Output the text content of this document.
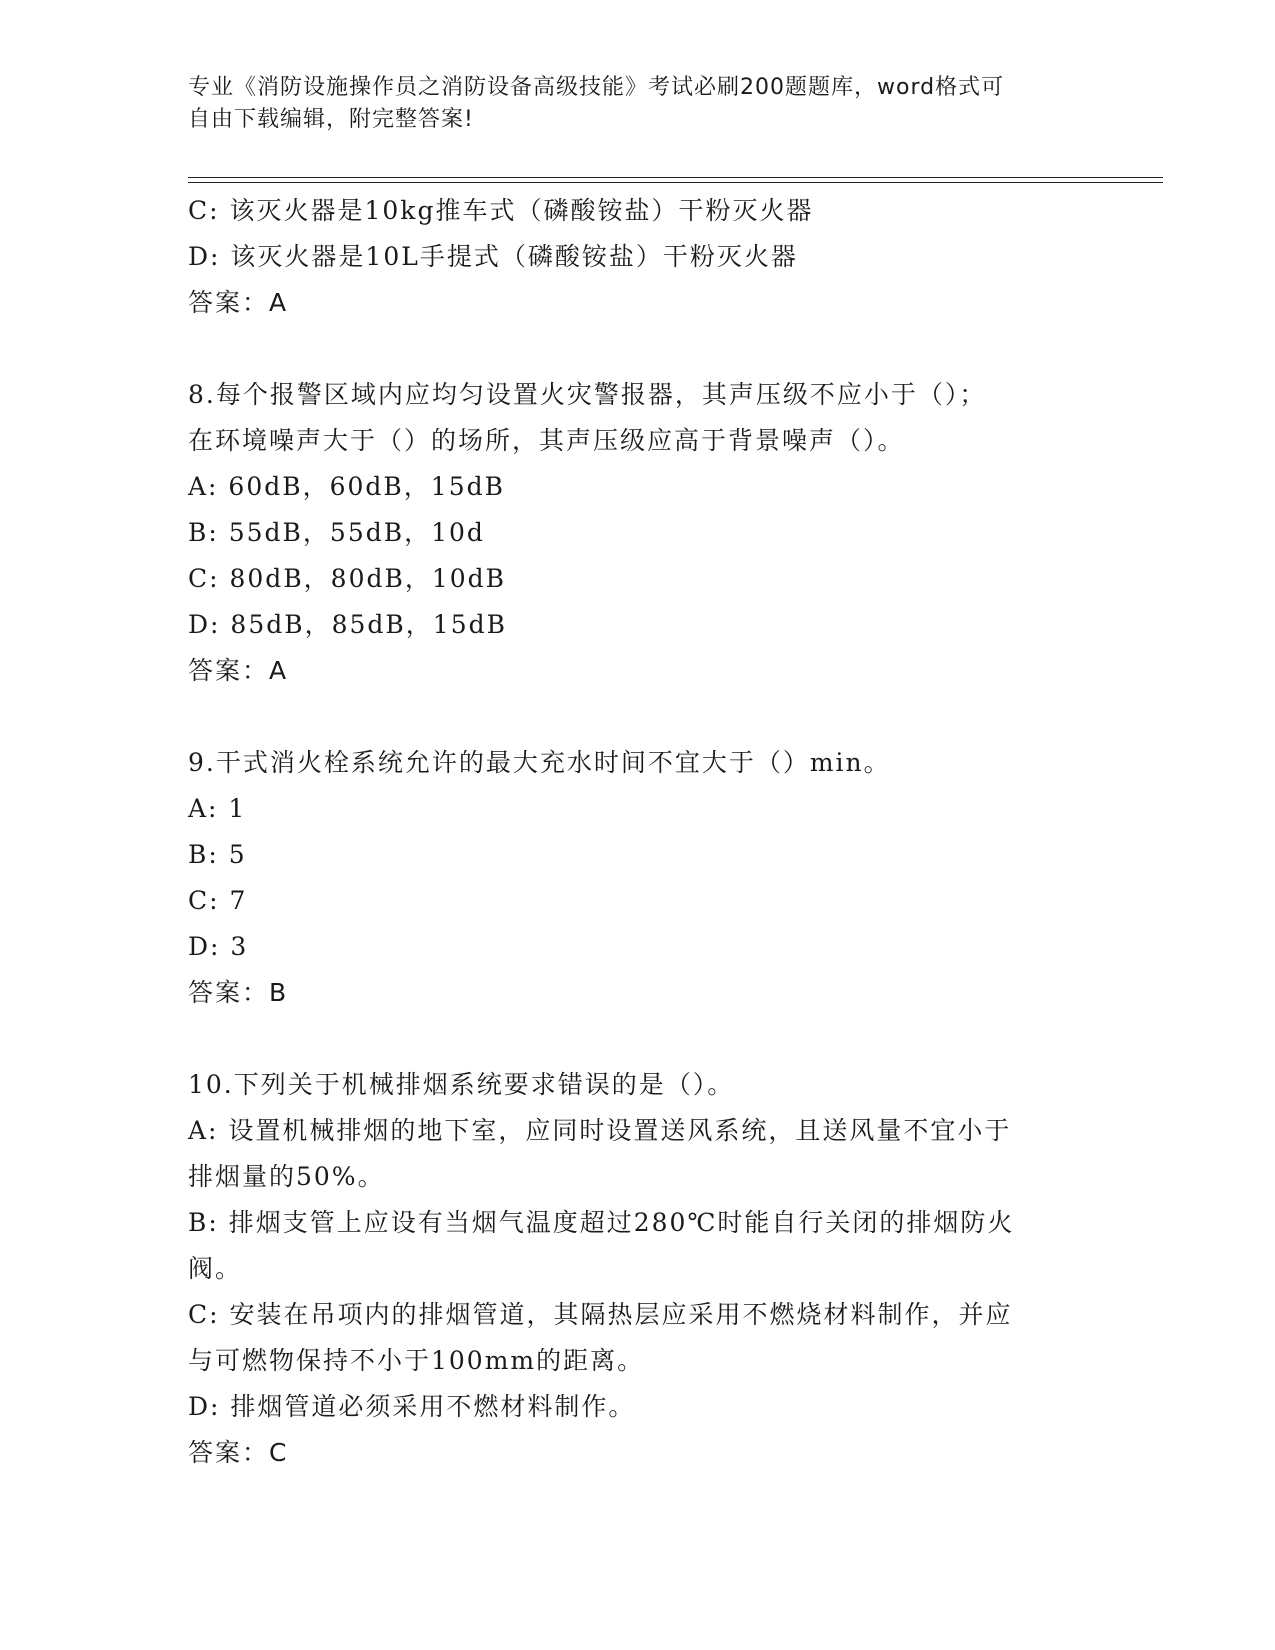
专业《消防设施操作员之消防设备高级技能》考试必刷200题题库，word格式可
自由下载编辑，附完整答案!
C: 该灭火器是10kg推车式（磷酸铵盐）干粉灭火器
D: 该灭火器是10L手提式（磷酸铵盐）干粉灭火器
答案：A
8.每个报警区域内应均匀设置火灾警报器，其声压级不应小于（）；
在环境噪声大于（）的场所，其声压级应高于背景噪声（）。
A: 60dB，60dB，15dB
B: 55dB，55dB，10d
C: 80dB，80dB，10dB
D: 85dB，85dB，15dB
答案：A
9.干式消火栓系统允许的最大充水时间不宜大于（）min。
A: 1
B: 5
C: 7
D: 3
答案：B
10.下列关于机械排烟系统要求错误的是（）。
A: 设置机械排烟的地下室，应同时设置送风系统，且送风量不宜小于
排烟量的50%。
B: 排烟支管上应设有当烟气温度超过280℃时能自行关闭的排烟防火
阀。
C: 安装在吊项内的排烟管道，其隔热层应采用不燃烧材料制作，并应
与可燃物保持不小于100mm的距离。
D: 排烟管道必须采用不燃材料制作。
答案：C
